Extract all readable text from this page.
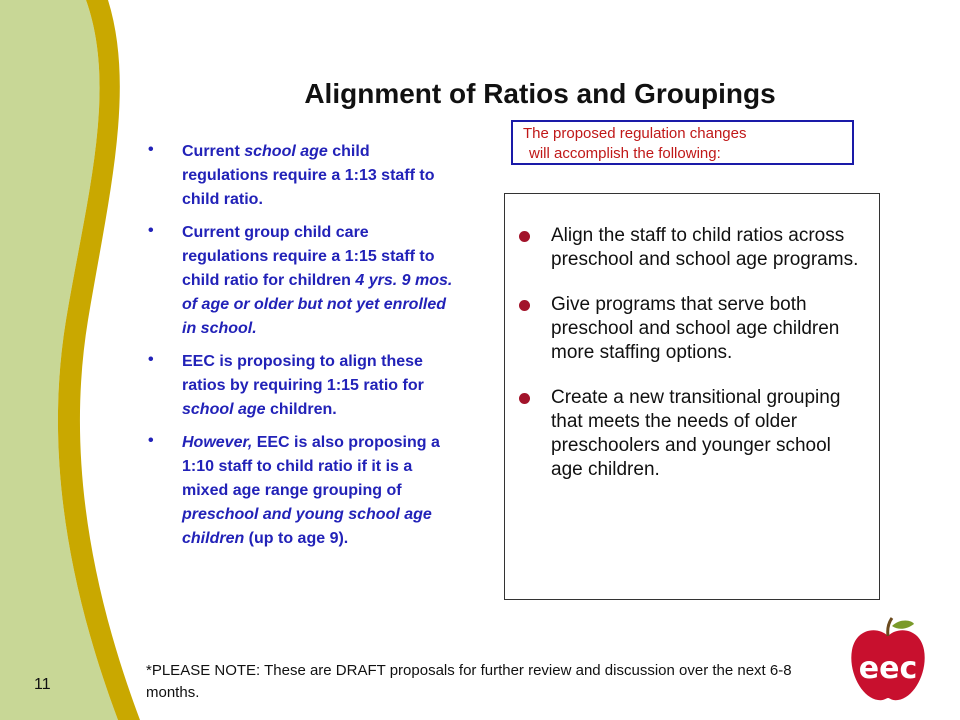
Alignment of Ratios and Groupings
• Current school age child regulations require a 1:13 staff to child ratio.
• Current group child care regulations require a 1:15 staff to child ratio for children 4 yrs. 9 mos. of age or older but not yet enrolled in school.
• EEC is proposing to align these ratios by requiring 1:15 ratio for school age children.
• However, EEC is also proposing a 1:10 staff to child ratio if it is a mixed age range grouping of preschool and young school age children (up to age 9).
The proposed regulation changes
will accomplish the following:
Align the staff to child ratios across preschool and school age programs.
Give programs that serve both preschool and school age children more staffing options.
Create a new transitional grouping that meets the needs of older preschoolers and younger school age children.
*PLEASE NOTE: These are DRAFT proposals for further review and discussion over the next 6-8 months.
11	eec
